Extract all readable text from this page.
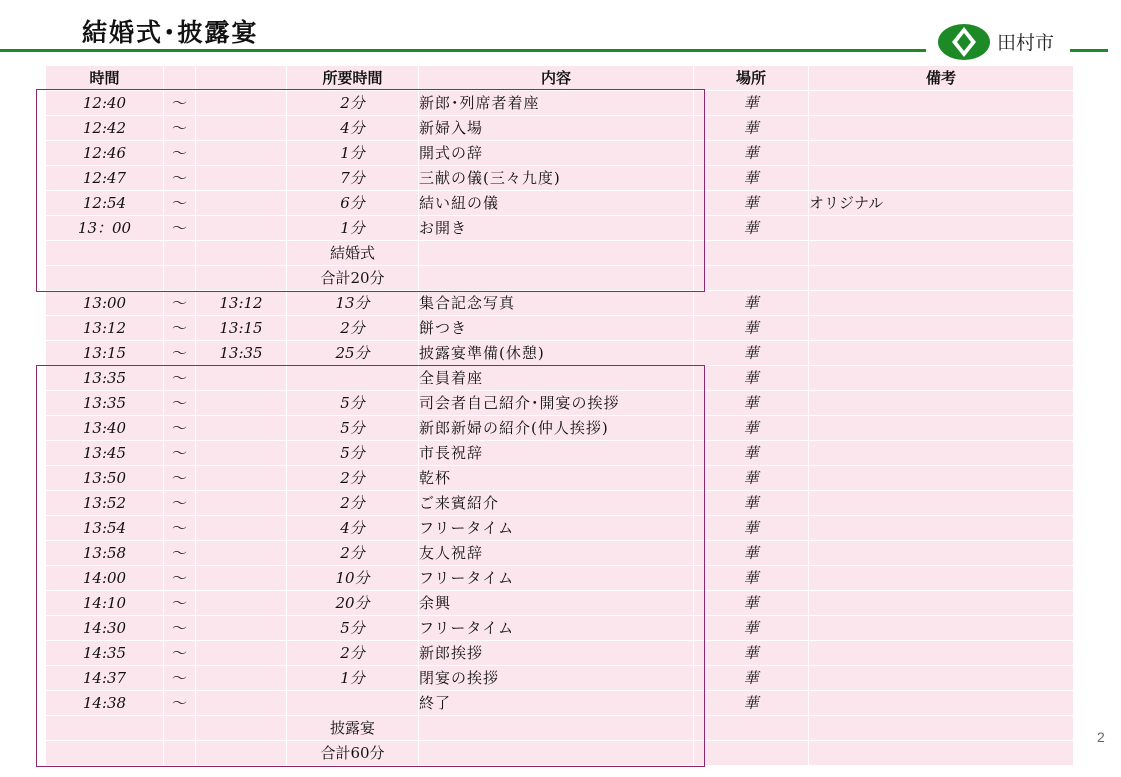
結婚式･披露宴	田村市
時間			所要時間	内容	場所	備考
12:40	～		2分	新郎･列席者着座	華	
12:42	～		4分	新婦入場	華	
12:46	～		1分	開式の辞	華	
12:47	～		7分	三献の儀(三々九度)	華	
12:54	～		6分	結い紐の儀	華	オリジナル
13：00	～		1分	お開き	華	
			結婚式			
			合計20分			
13:00	～	13:12	13分	集合記念写真	華	
13:12	～	13:15	2分	餅つき	華	
13:15	～	13:35	25分	披露宴準備(休憩)	華	
13:35	～			全員着座	華	
13:35	～		5分	司会者自己紹介･開宴の挨拶	華	
13:40	～		5分	新郎新婦の紹介(仲人挨拶)	華	
13:45	～		5分	市長祝辞	華	
13:50	～		2分	乾杯	華	
13:52	～		2分	ご来賓紹介	華	
13:54	～		4分	フリータイム	華	
13:58	～		2分	友人祝辞	華	
14:00	～		10分	フリータイム	華	
14:10	～		20分	余興	華	
14:30	～		5分	フリータイム	華	
14:35	～		2分	新郎挨拶	華	
14:37	～		1分	閉宴の挨拶	華	
14:38	～			終了	華	
			披露宴			
			合計60分			
2
